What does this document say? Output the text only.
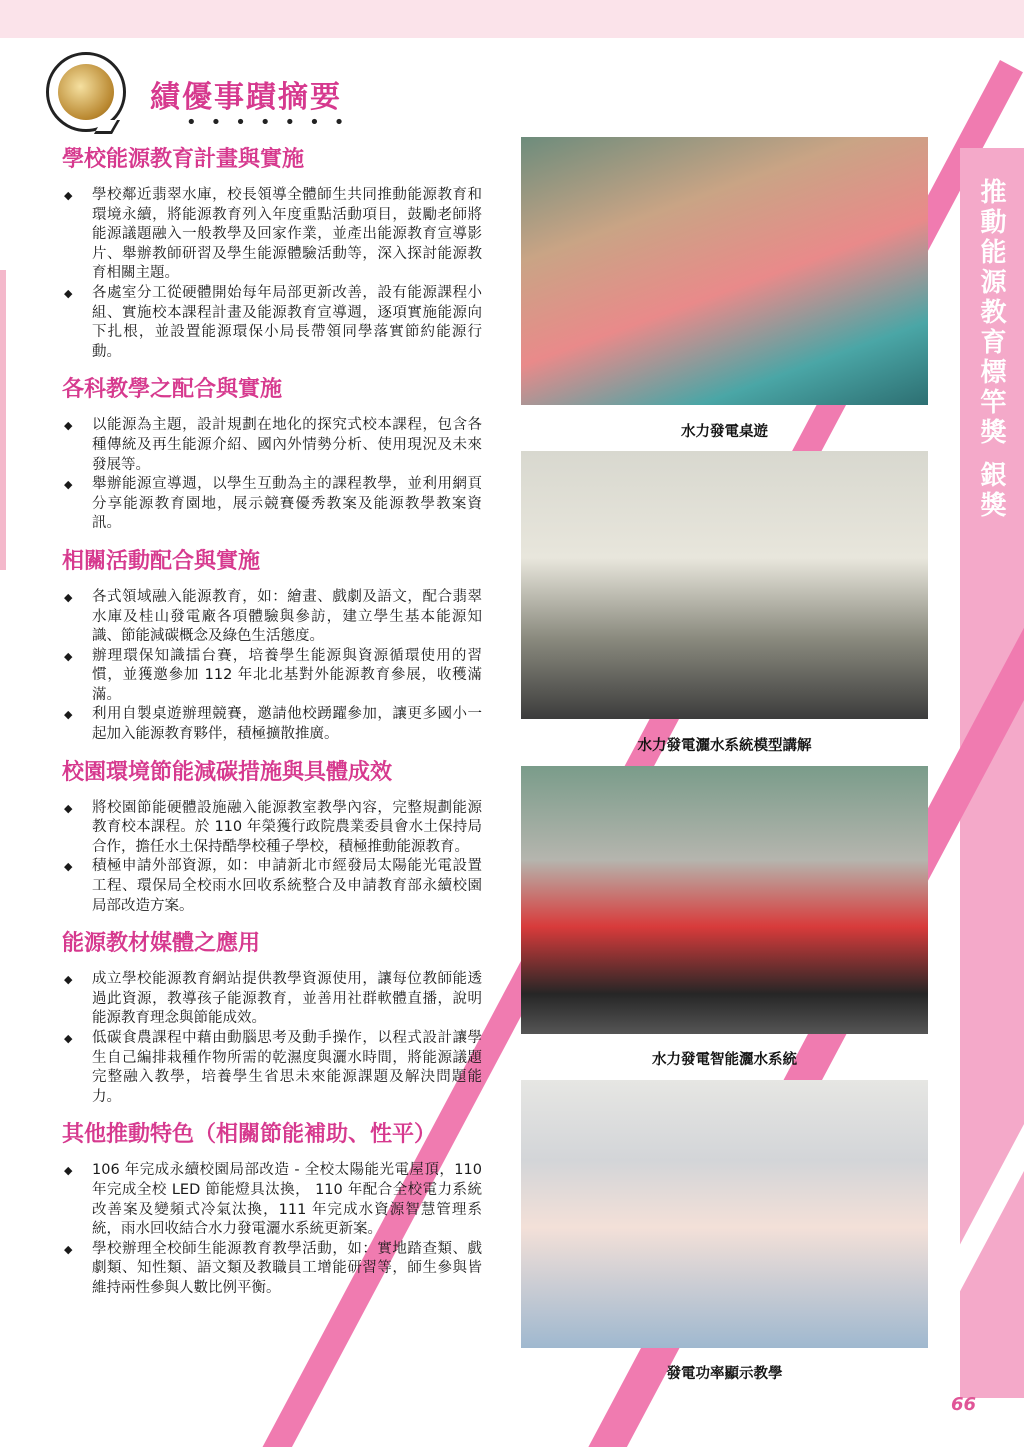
推動能源教育標竿獎 銀獎
66
績優事蹟摘要
•••••••
學校能源教育計畫與實施
◆ 學校鄰近翡翠水庫，校長領導全體師生共同推動能源教育和環境永續，將能源教育列入年度重點活動項目，鼓勵老師將能源議題融入一般教學及回家作業，並產出能源教育宣導影片、舉辦教師研習及學生能源體驗活動等，深入探討能源教育相關主題。
◆ 各處室分工從硬體開始每年局部更新改善，設有能源課程小組、實施校本課程計畫及能源教育宣導週，逐項實施能源向下扎根，並設置能源環保小局長帶領同學落實節約能源行動。
各科教學之配合與實施
◆ 以能源為主題，設計規劃在地化的探究式校本課程，包含各種傳統及再生能源介紹、國內外情勢分析、使用現況及未來發展等。
◆ 舉辦能源宣導週，以學生互動為主的課程教學，並利用網頁分享能源教育園地，展示競賽優秀教案及能源教學教案資訊。
相關活動配合與實施
◆ 各式領域融入能源教育，如：繪畫、戲劇及語文，配合翡翠水庫及桂山發電廠各項體驗與參訪，建立學生基本能源知識、節能減碳概念及綠色生活態度。
◆ 辦理環保知識擂台賽，培養學生能源與資源循環使用的習慣，並獲邀參加 112 年北北基對外能源教育參展，收穫滿滿。
◆ 利用自製桌遊辦理競賽，邀請他校踴躍參加，讓更多國小一起加入能源教育夥伴，積極擴散推廣。
校園環境節能減碳措施與具體成效
◆ 將校園節能硬體設施融入能源教室教學內容，完整規劃能源教育校本課程。於 110 年榮獲行政院農業委員會水土保持局合作，擔任水土保持酷學校種子學校，積極推動能源教育。
◆ 積極申請外部資源，如：申請新北市經發局太陽能光電設置工程、環保局全校雨水回收系統整合及申請教育部永續校園局部改造方案。
能源教材媒體之應用
◆ 成立學校能源教育網站提供教學資源使用，讓每位教師能透過此資源，教導孩子能源教育，並善用社群軟體直播，說明能源教育理念與節能成效。
◆ 低碳食農課程中藉由動腦思考及動手操作，以程式設計讓學生自己編排栽種作物所需的乾濕度與灑水時間，將能源議題完整融入教學，培養學生省思未來能源課題及解決問題能力。
其他推動特色（相關節能補助、性平）
◆ 106 年完成永續校園局部改造 - 全校太陽能光電屋頂，110 年完成全校 LED 節能燈具汰換， 110 年配合全校電力系統改善案及變頻式冷氣汰換，111 年完成水資源智慧管理系統，雨水回收結合水力發電灑水系統更新案。
◆ 學校辦理全校師生能源教育教學活動，如：實地踏查類、戲劇類、知性類、語文類及教職員工增能研習等，師生參與皆維持兩性參與人數比例平衡。
水力發電桌遊
水力發電灑水系統模型講解
水力發電智能灑水系統
發電功率顯示教學
